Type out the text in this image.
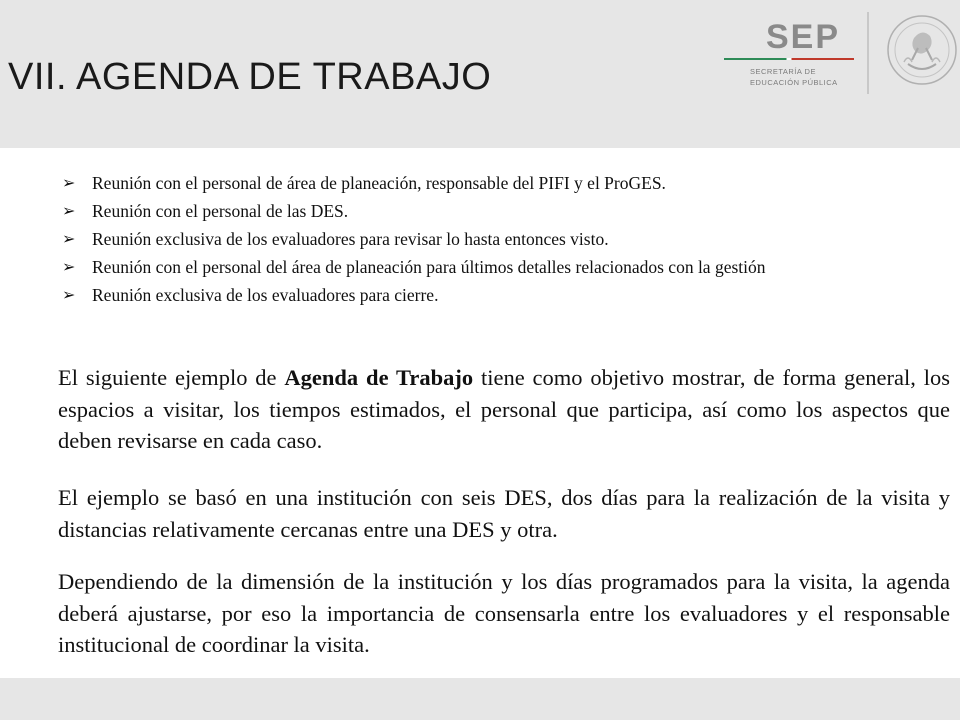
VII. AGENDA DE TRABAJO
SEP
SECRETARÍA DE
EDUCACIÓN PÚBLICA
➢ Reunión con el personal de área de planeación, responsable del PIFI y el ProGES.
➢ Reunión con el personal de las DES.
➢ Reunión exclusiva de los evaluadores para revisar lo hasta entonces visto.
➢ Reunión con el personal del área de planeación para últimos detalles relacionados con la gestión
➢ Reunión exclusiva de los evaluadores para cierre.

El siguiente ejemplo de Agenda de Trabajo tiene como objetivo mostrar, de forma general, los espacios a visitar, los tiempos estimados, el personal que participa, así como los aspectos que deben revisarse en cada caso.

El ejemplo se basó en una institución con seis DES, dos días para la realización de la visita y distancias relativamente cercanas entre una DES y otra.

Dependiendo de la dimensión de la institución y los días programados para la visita, la agenda deberá ajustarse, por eso la importancia de consensarla entre los evaluadores y el responsable institucional de coordinar la visita.
